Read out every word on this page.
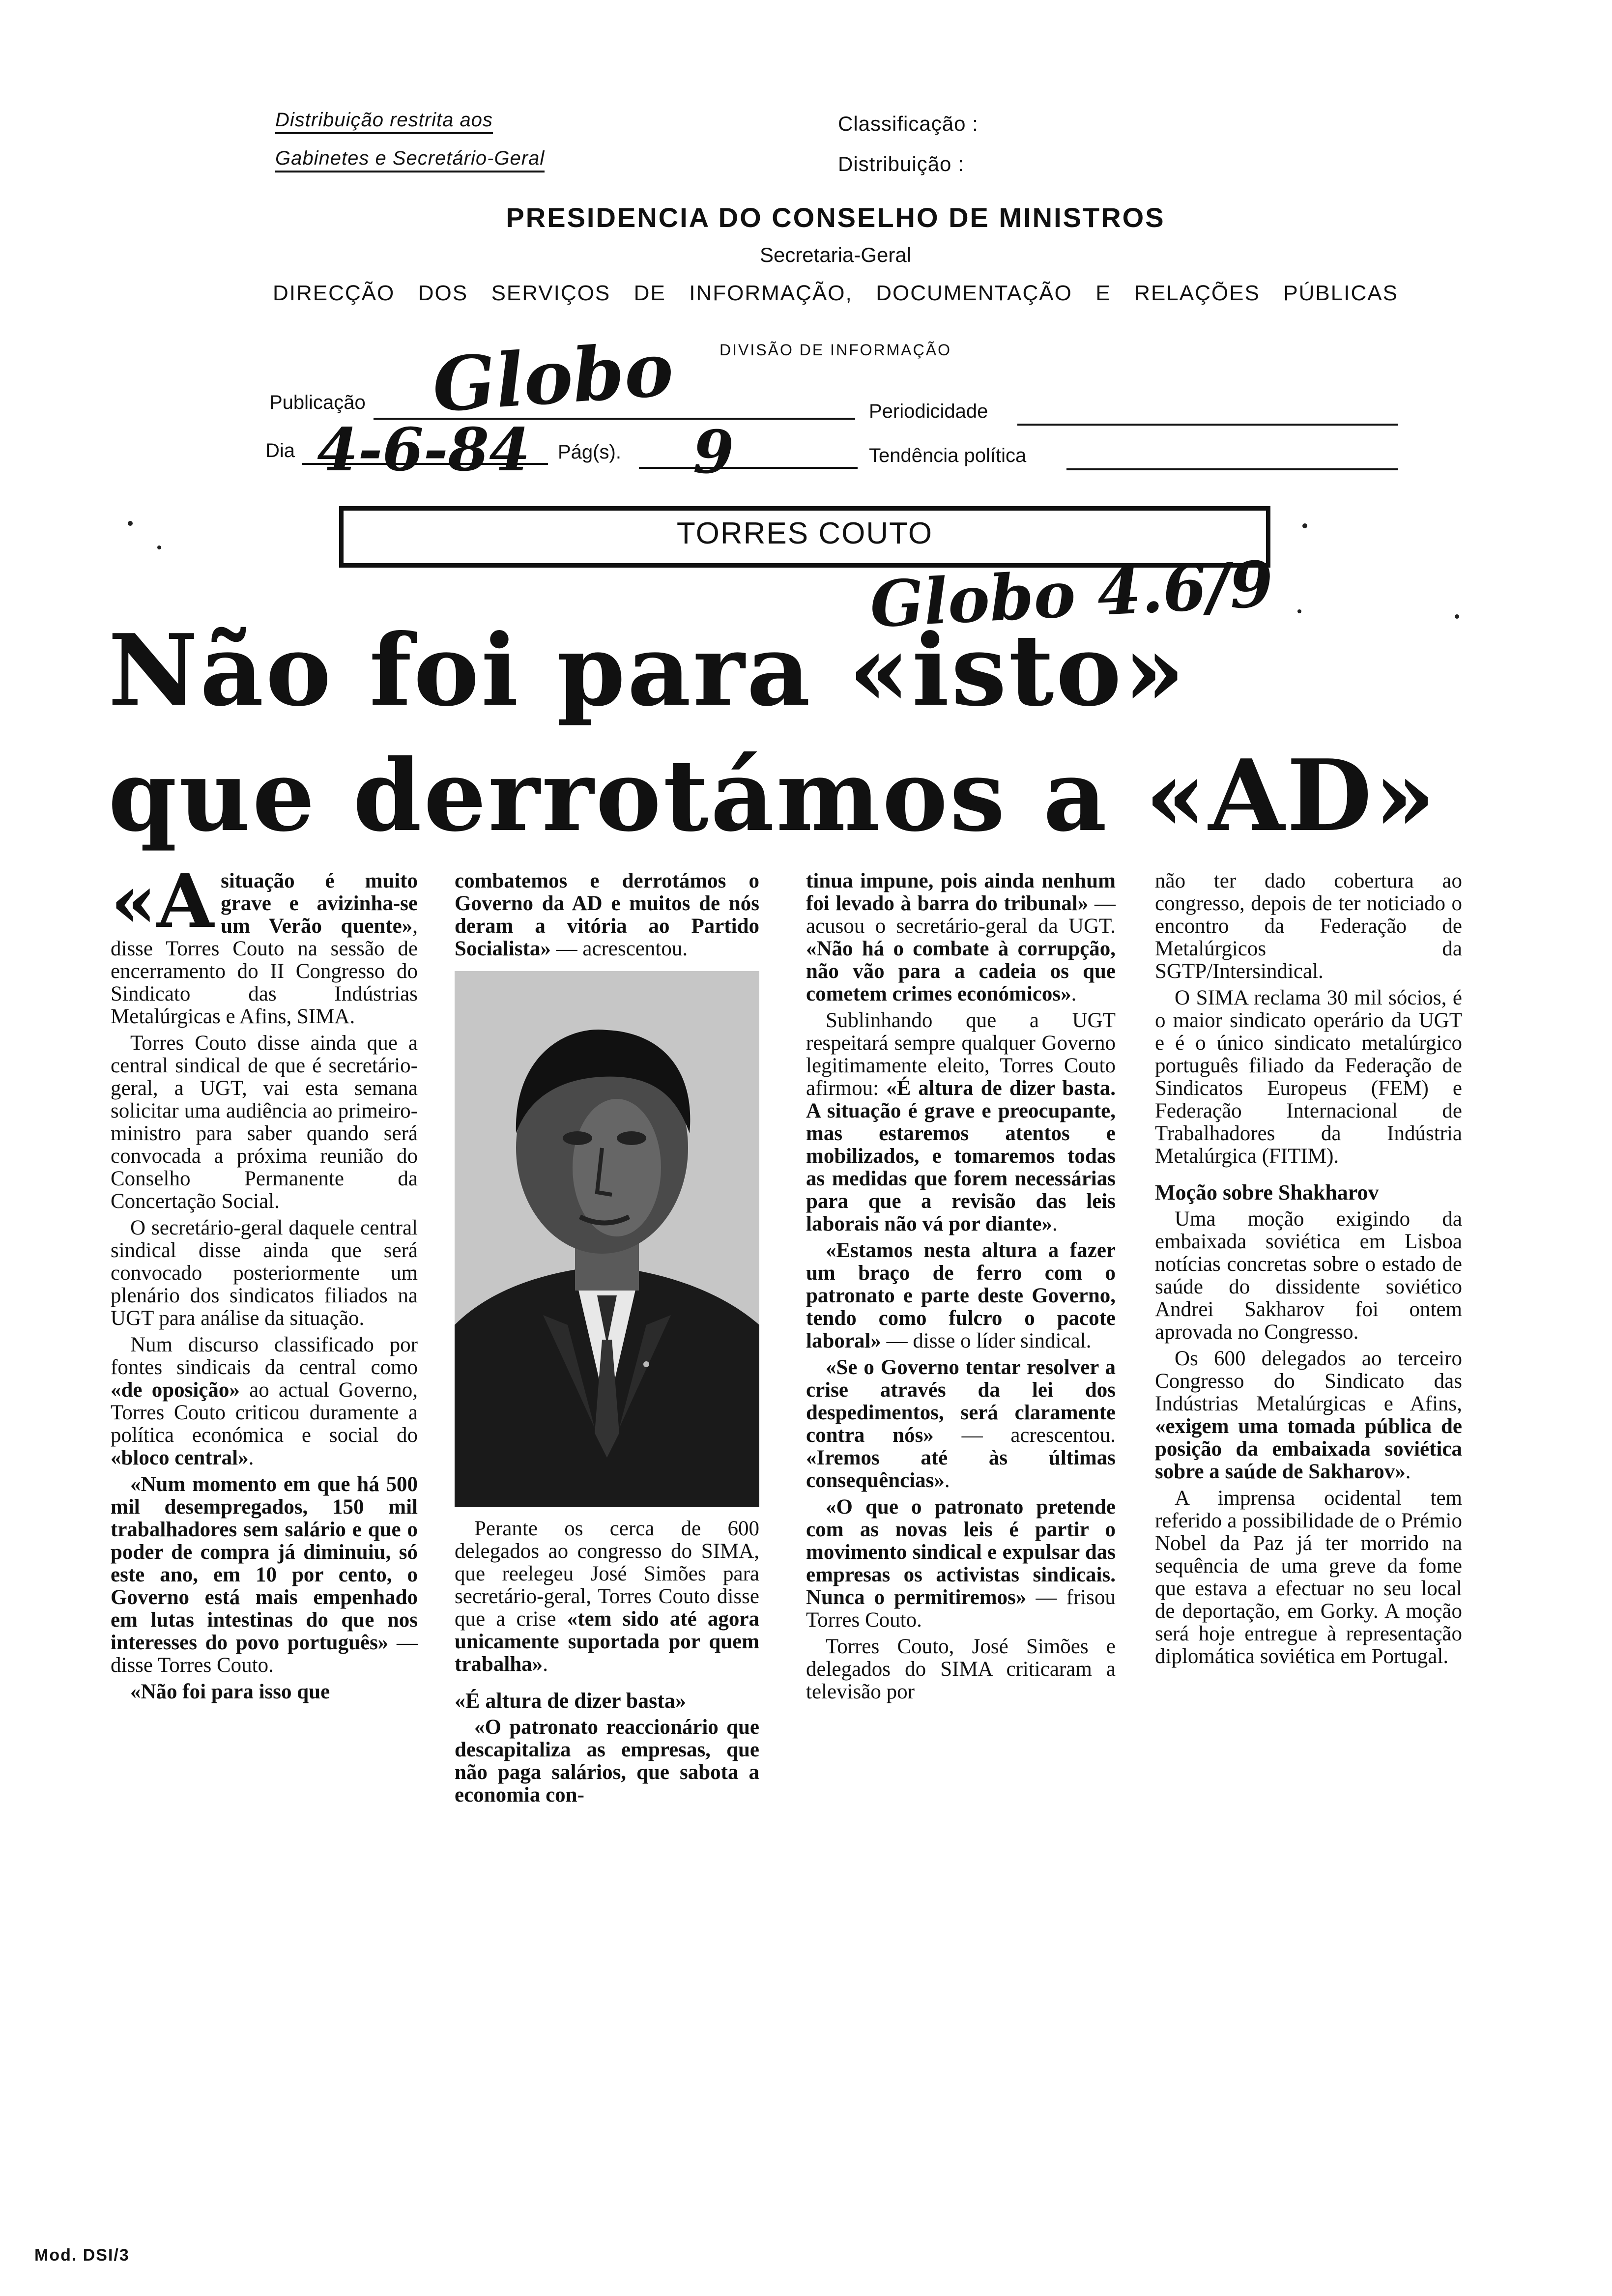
Distribuição restrita aos
Gabinetes e Secretário-Geral
Classificação :
Distribuição :
PRESIDENCIA DO CONSELHO DE MINISTROS
Secretaria-Geral
DIRECÇÃO DOS SERVIÇOS DE INFORMAÇÃO, DOCUMENTAÇÃO E RELAÇÕES PÚBLICAS
DIVISÃO DE INFORMAÇÃO
Publicação Globo	Periodicidade
Dia 4-6-84 Pág(s). 9	Tendência política
TORRES COUTO
Globo 4.6/9
Não foi para «isto»
que derrotámos a «AD»

«Asituação é muito grave e avizinha-se um Verão quente», disse Torres Couto na sessão de encerramento do II Congresso do Sindicato das Indústrias Metalúrgicas e Afins, SIMA.

Torres Couto disse ainda que a central sindical de que é secretário-geral, a UGT, vai esta semana solicitar uma audiência ao primeiro-ministro para saber quando será convocada a próxima reunião do Conselho Permanente da Concertação Social.

O secretário-geral daquele central sindical disse ainda que será convocado posteriormente um plenário dos sindicatos filiados na UGT para análise da situação.

Num discurso classificado por fontes sindicais da central como «de oposição» ao actual Governo, Torres Couto criticou duramente a política económica e social do «bloco central».

«Num momento em que há 500 mil desempregados, 150 mil trabalhadores sem salário e que o poder de compra já diminuiu, só este ano, em 10 por cento, o Governo está mais empenhado em lutas intestinas do que nos interesses do povo português» — disse Torres Couto.

«Não foi para isso que

combatemos e derrotámos o Governo da AD e muitos de nós deram a vitória ao Partido Socialista» — acrescentou.

Perante os cerca de 600 delegados ao congresso do SIMA, que reelegeu José Simões para secretário-geral, Torres Couto disse que a crise «tem sido até agora unicamente suportada por quem trabalha».

«É altura de dizer basta»

«O patronato reaccionário que descapitaliza as empresas, que não paga salários, que sabota a economia con-

tinua impune, pois ainda nenhum foi levado à barra do tribunal» — acusou o secretário-geral da UGT. «Não há o combate à corrupção, não vão para a cadeia os que cometem crimes económicos».

Sublinhando que a UGT respeitará sempre qualquer Governo legitimamente eleito, Torres Couto afirmou: «É altura de dizer basta. A situação é grave e preocupante, mas estaremos atentos e mobilizados, e tomaremos todas as medidas que forem necessárias para que a revisão das leis laborais não vá por diante».

«Estamos nesta altura a fazer um braço de ferro com o patronato e parte deste Governo, tendo como fulcro o pacote laboral» — disse o líder sindical.

«Se o Governo tentar resolver a crise através da lei dos despedimentos, será claramente contra nós» — acrescentou. «Iremos até às últimas consequências».

«O que o patronato pretende com as novas leis é partir o movimento sindical e expulsar das empresas os activistas sindicais. Nunca o permitiremos» — frisou Torres Couto.

Torres Couto, José Simões e delegados do SIMA criticaram a televisão por

não ter dado cobertura ao congresso, depois de ter noticiado o encontro da Federação de Metalúrgicos da SGTP/Intersindical.

O SIMA reclama 30 mil sócios, é o maior sindicato operário da UGT e é o único sindicato metalúrgico português filiado da Federação de Sindicatos Europeus (FEM) e Federação Internacional de Trabalhadores da Indústria Metalúrgica (FITIM).

Moção sobre Shakharov

Uma moção exigindo da embaixada soviética em Lisboa notícias concretas sobre o estado de saúde do dissidente soviético Andrei Sakharov foi ontem aprovada no Congresso.

Os 600 delegados ao terceiro Congresso do Sindicato das Indústrias Metalúrgicas e Afins, «exigem uma tomada pública de posição da embaixada soviética sobre a saúde de Sakharov».

A imprensa ocidental tem referido a possibilidade de o Prémio Nobel da Paz já ter morrido na sequência de uma greve da fome que estava a efectuar no seu local de deportação, em Gorky. A moção será hoje entregue à representação diplomática soviética em Portugal.

Mod. DSI/3
